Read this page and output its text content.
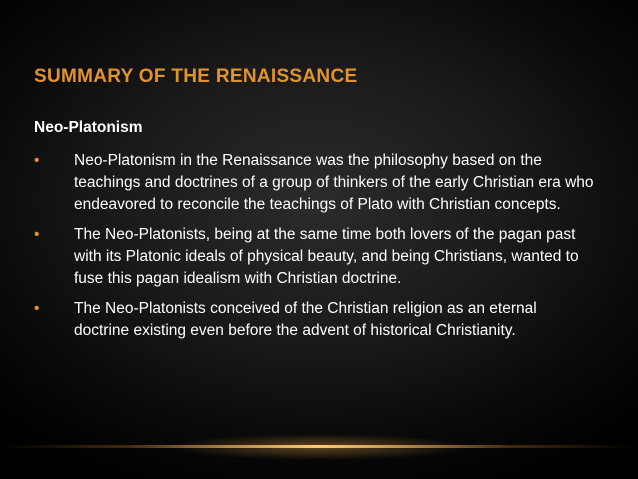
SUMMARY OF THE RENAISSANCE
Neo-Platonism
• Neo-Platonism in the Renaissance was the philosophy based on the teachings and doctrines of a group of thinkers of the early Christian era who endeavored to reconcile the teachings of Plato with Christian concepts.
• The Neo-Platonists, being at the same time both lovers of the pagan past with its Platonic ideals of physical beauty, and being Christians, wanted to fuse this pagan idealism with Christian doctrine.
• The Neo-Platonists conceived of the Christian religion as an eternal doctrine existing even before the advent of historical Christianity.
